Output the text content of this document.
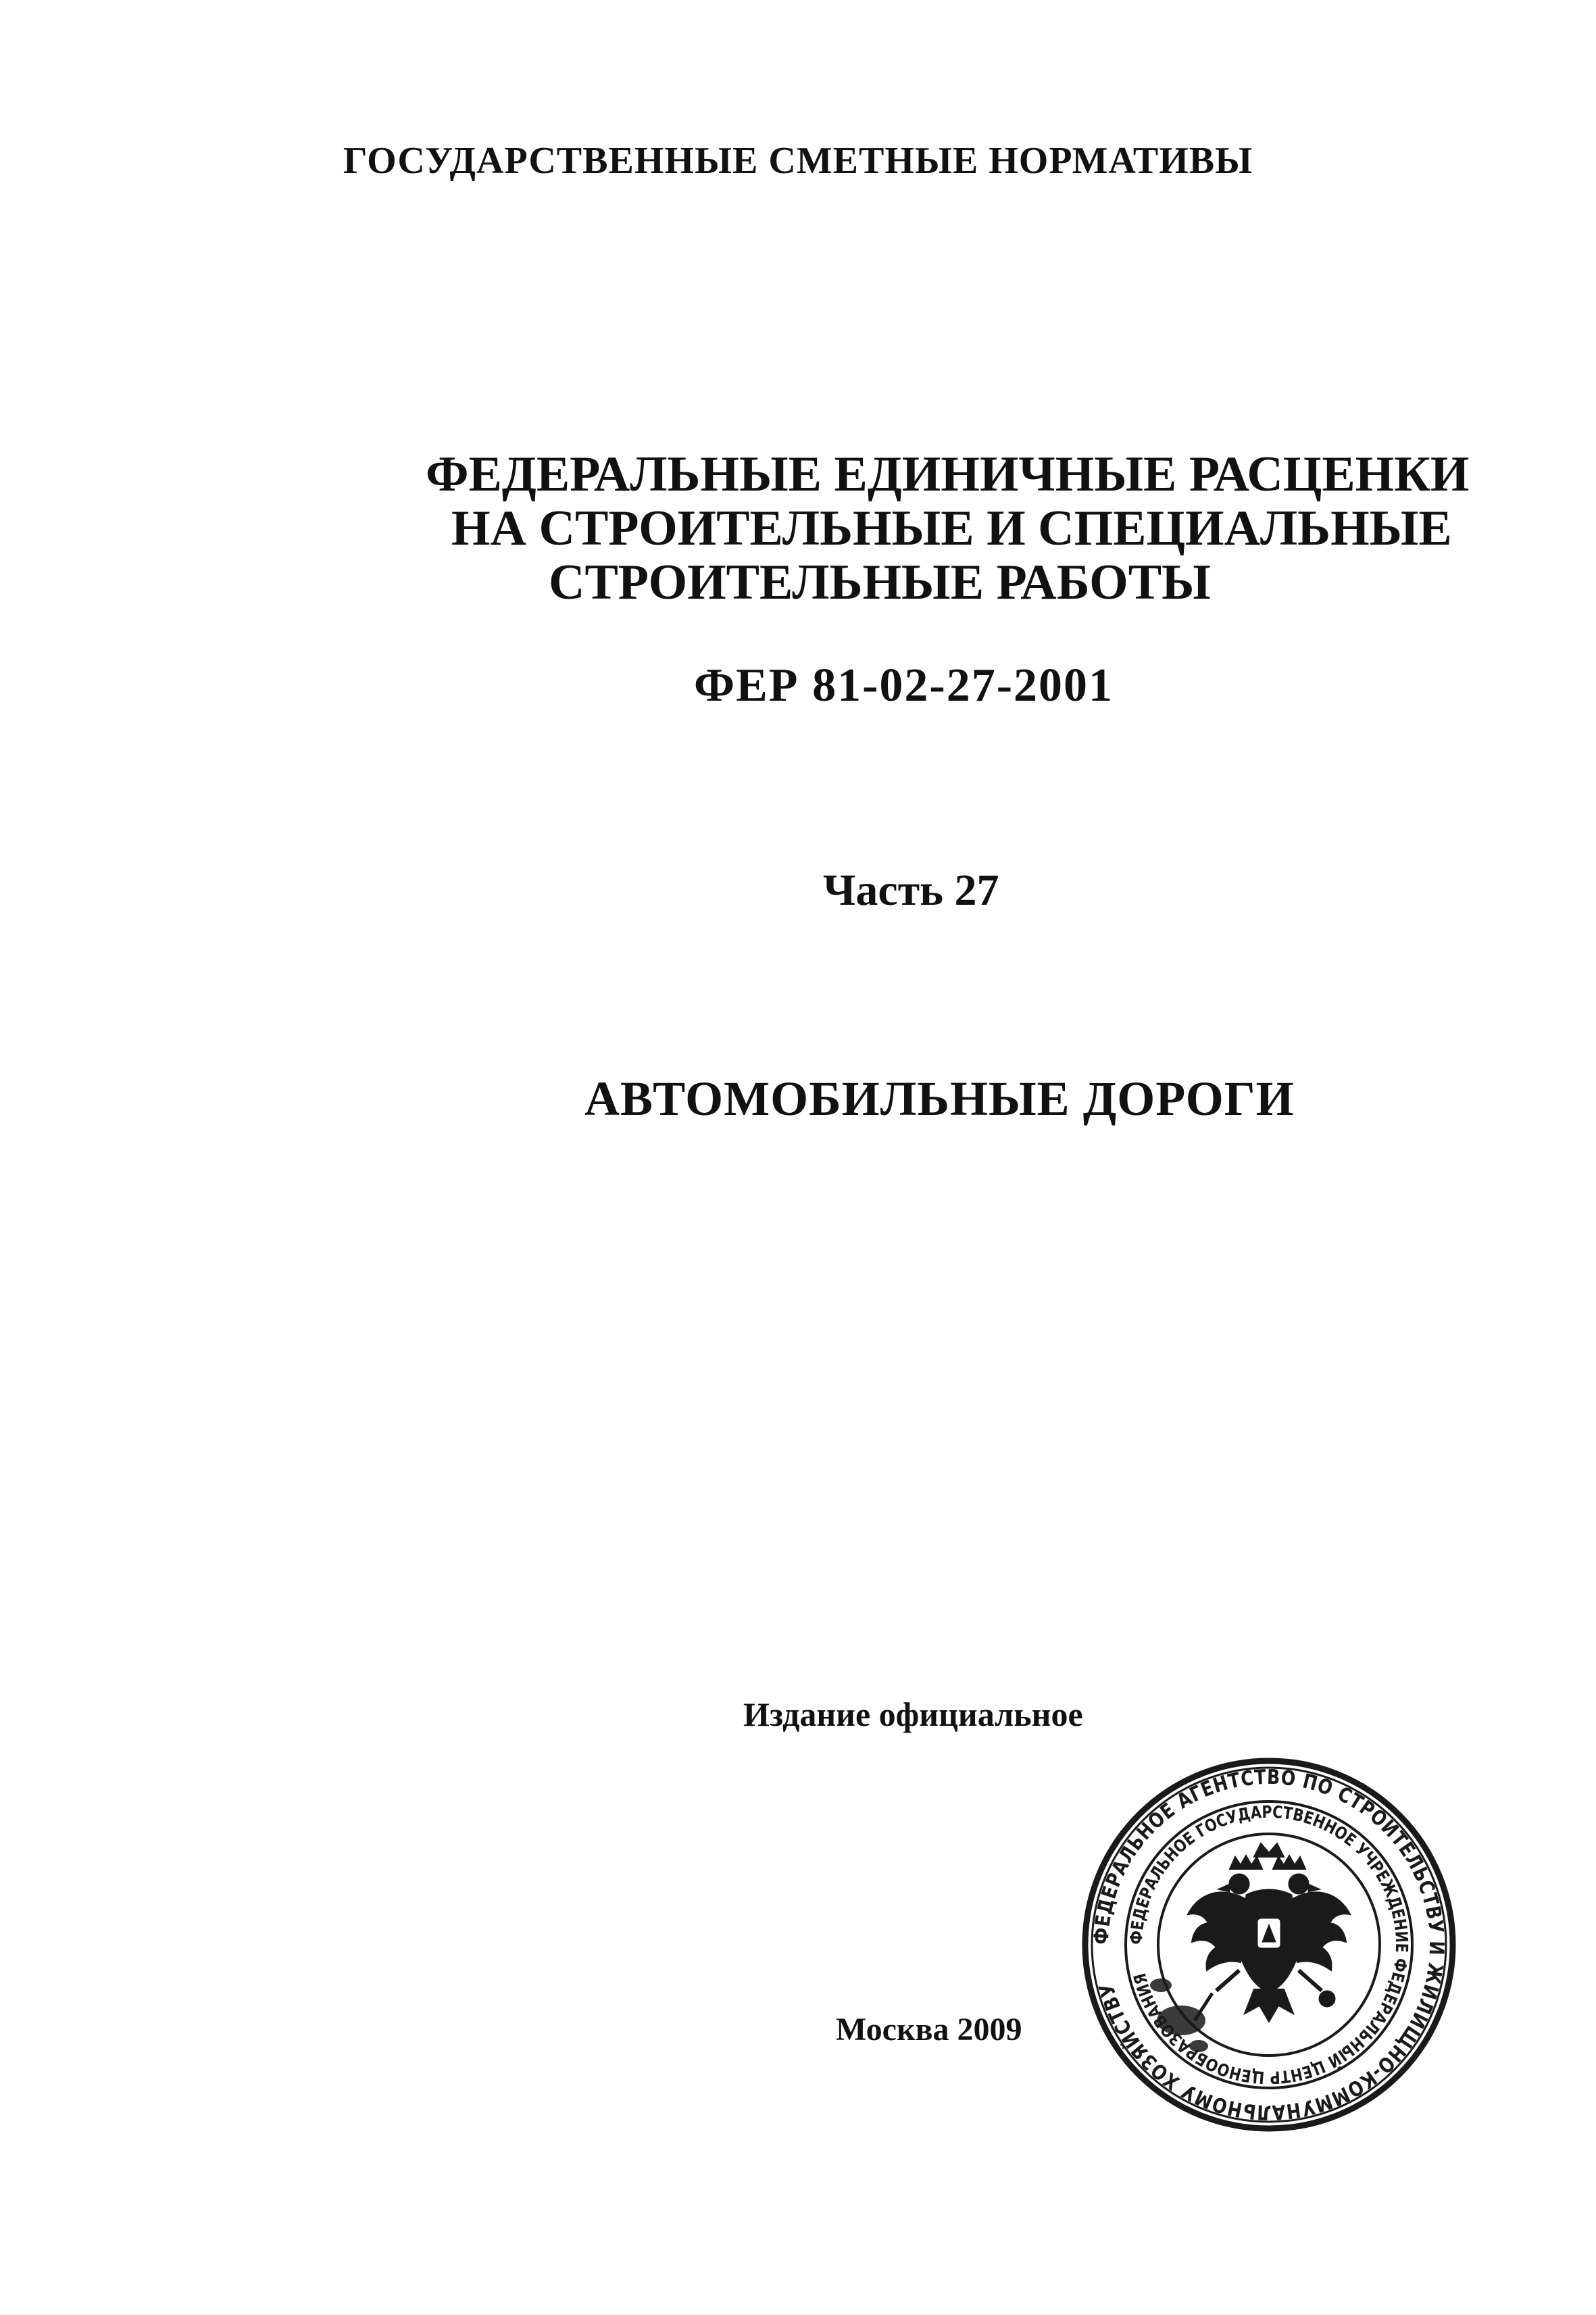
ГОСУДАРСТВЕННЫЕ СМЕТНЫЕ НОРМАТИВЫ
ФЕДЕРАЛЬНЫЕ ЕДИНИЧНЫЕ РАСЦЕНКИ
НА СТРОИТЕЛЬНЫЕ И СПЕЦИАЛЬНЫЕ
СТРОИТЕЛЬНЫЕ РАБОТЫ
ФЕР 81-02-27-2001
Часть 27
АВТОМОБИЛЬНЫЕ ДОРОГИ
Издание официальное
Москва 2009
ФЕДЕРАЛЬНОЕ АГЕНТСТВО ПО СТРОИТЕЛЬСТВУ И ЖИЛИЩНО-КОММУНАЛЬНОМУ ХОЗЯЙСТВУ
ФЕДЕРАЛЬНОЕ ГОСУДАРСТВЕННОЕ УЧРЕЖДЕНИЕ ФЕДЕРАЛЬНЫЙ ЦЕНТР ЦЕНООБРАЗ АНИЯ
